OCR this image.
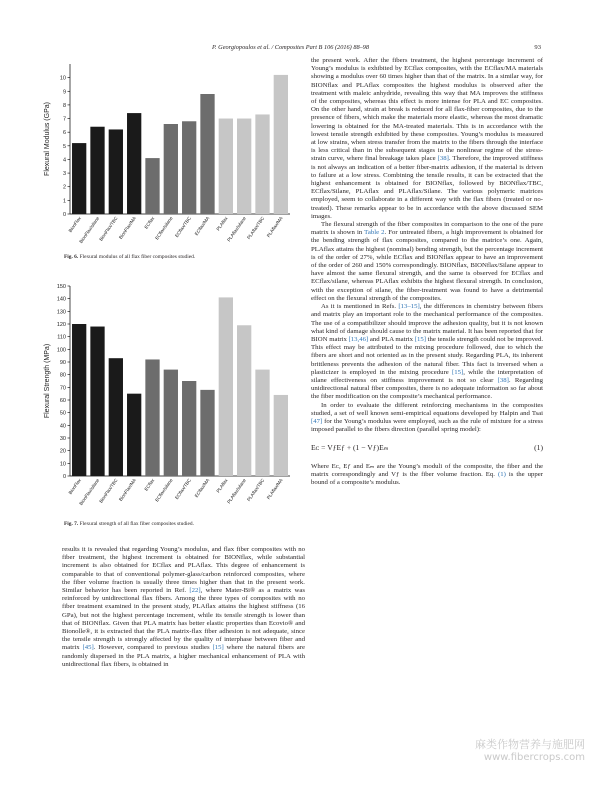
P. Georgiopoulos et al. / Composites Part B 106 (2016) 88–98	93
0
1
2
3
4
5
6
7
8
9
10
Flexural Modulus (GPa)
BionFlax
BionFlax/silane
BionFlax/TBC BionFlax/MA ECflax
ECflax/silane ECflax/TBC ECflax/MA PLAflax
PLAflax/silane PLAflax/TBC PLAflax/MA
Fig. 6. Flexural modulus of all flax fiber composites studied.
0
10
20
30
40
50
60
70
80
90
100
110
120
130
140
150
Flexural Strength (MPa)
BionFlax
BionFlax/silane
BionFlax/TBC BionFlax/MA ECflax
ECflax/silane ECflax/TBC ECflax/MA PLAflax
PLAflax/silane PLAflax/TBC PLAflax/MA
Fig. 7. Flexural strength of all flax fiber composites studied.

results it is revealed that regarding Young’s modulus, and flax fiber composites with no fiber treatment, the highest increment is obtained for BIONflax, while substantial increment is also obtained for ECflax and PLAflax. This degree of enhancement is comparable to that of conventional polymer-glass/carbon reinforced composites, where the fiber volume fraction is usually three times higher than that in the present work. Similar behavior has been reported in Ref. [22], where Mater-Bi® as a matrix was reinforced by unidirectional flax fibers. Among the three types of composites with no fiber treatment examined in the present study, PLAflax attains the highest stiffness (16 GPa), but not the highest percentage increment, while its tensile strength is lower than that of BIONflax. Given that PLA matrix has better elastic properties than Ecovio® and Bionolle®, it is extracted that the PLA matrix-flax fiber adhesion is not adequate, since the tensile strength is strongly affected by the quality of interphase between fiber and matrix [45]. However, compared to previous studies [15] where the natural fibers are randomly dispersed in the PLA matrix, a higher mechanical enhancement of PLA with unidirectional flax fibers, is obtained in

the present work. After the fibers treatment, the highest percentage increment of Young’s modulus is exhibited by ECflax composites, with the ECflax/MA materials showing a modulus over 60 times higher than that of the matrix. In a similar way, for BIONflax and PLAflax composites the highest modulus is observed after the treatment with maleic anhydride, revealing this way that MA improves the stiffness of the composites, whereas this effect is more intense for PLA and EC composites. On the other hand, strain at break is reduced for all flax-fiber composites, due to the presence of fibers, which make the materials more elastic, whereas the most dramatic lowering is obtained for the MA-treated materials. This is in accordance with the lowest tensile strength exhibited by these composites. Young’s modulus is measured at low strains, when stress transfer from the matrix to the fibers through the interface is less critical than in the subsequent stages in the nonlinear regime of the stress-strain curve, where final breakage takes place [38]. Therefore, the improved stiffness is not always an indication of a better fiber-matrix adhesion, if the material is driven to failure at a low stress. Combining the tensile results, it can be extracted that the highest enhancement is obtained for BIONflax, followed by BIONflax/TBC, ECflax/Silane, PLAflax and PLAflax/Silane. The various polymeric matrices employed, seem to collaborate in a different way with the flax fibers (treated or no-treated). These remarks appear to be in accordance with the above discussed SEM images.

The flexural strength of the fiber composites in comparison to the one of the pure matrix is shown in Table 2. For untreated fibers, a high improvement is obtained for the bending strength of flax composites, compared to the matrice’s one. Again, PLAflax attains the highest (nominal) bending strength, but the percentage increment is of the order of 27%, while ECflax and BIONflax appear to have an improvement of the order of 260 and 150% correspondingly. BIONflax, BIONflax/Silane appear to have almost the same flexural strength, and the same is observed for ECflax and ECflax/silane, whereas PLAflax exhibits the highest flexural strength. In conclusion, with the exception of silane, the fiber-treatment was found to have a detrimental effect on the flexural strength of the composites.

As it is mentioned in Refs. [13–15], the differences in chemistry between fibers and matrix play an important role to the mechanical performance of the composites. The use of a compatibilizer should improve the adhesion quality, but it is not known what kind of damage should cause to the matrix material. It has been reported that for BION matrix [13,46] and PLA matrix [15] the tensile strength could not be improved. This effect may be attributed to the mixing procedure followed, due to which the fibers are short and not oriented as in the present study. Regarding PLA, its inherent brittleness prevents the adhesion of the natural fiber. This fact is inversed when a plasticizer is employed in the mixing procedure [15], while the interpretation of silane effectiveness on stiffness improvement is not so clear [38]. Regarding unidirectional natural fiber composites, there is no adequate information so far about the fiber modification on the composite’s mechanical performance.

In order to evaluate the different reinforcing mechanisms in the composites studied, a set of well known semi-empirical equations developed by Halpin and Tsai [47] for the Young’s modulus were employed, such as the rule of mixture for a stress imposed parallel to the fibers direction (parallel spring model):

Eᴄ = VƒEƒ + (1 − Vƒ)Eₘ	(1)

Where Eᴄ, Eƒ and Eₘ are the Young’s moduli of the composite, the fiber and the matrix correspondingly and Vƒ is the fiber volume fraction. Eq. (1) is the upper bound of a composite’s modulus.

麻类作物营养与施肥网
www.fibercrops.com
